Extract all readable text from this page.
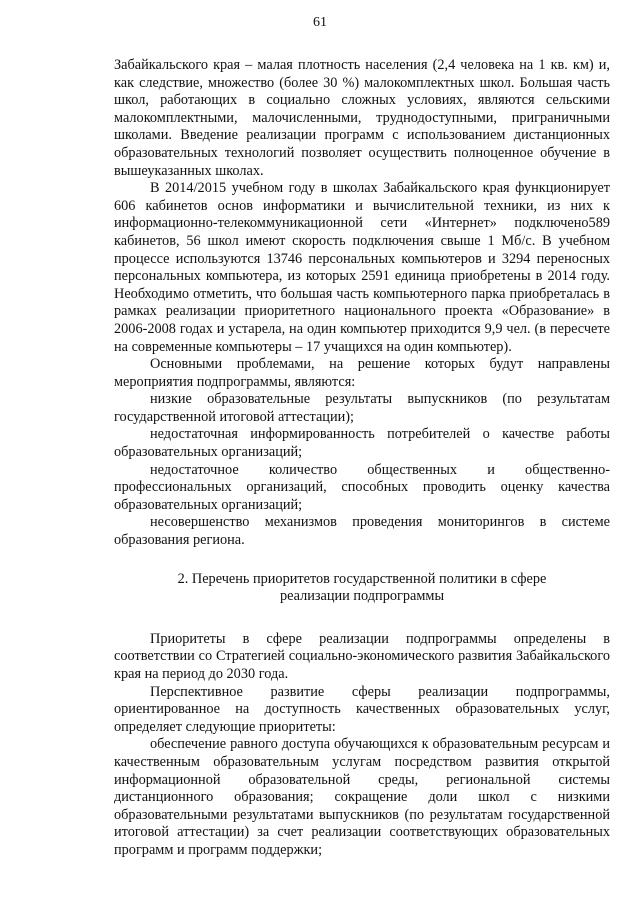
61

Забайкальского края – малая плотность населения (2,4 человека на 1 кв. км) и, как следствие, множество (более 30 %) малокомплектных школ. Большая часть школ, работающих в социально сложных условиях, являются сельскими малокомплектными, малочисленными, труднодоступными, приграничными школами. Введение реализации программ с использованием дистанционных образовательных технологий позволяет осуществить полноценное обучение в вышеуказанных школах.

В 2014/2015 учебном году в школах Забайкальского края функционирует 606 кабинетов основ информатики и вычислительной техники, из них к информационно-телекоммуникационной сети «Интернет» подключено589 кабинетов, 56 школ имеют скорость подключения свыше 1 Мб/с. В учебном процессе используются 13746 персональных компьютеров и 3294 переносных персональных компьютера, из которых 2591 единица приобретены в 2014 году. Необходимо отметить, что большая часть компьютерного парка приобреталась в рамках реализации приоритетного национального проекта «Образование» в 2006-2008 годах и устарела, на один компьютер приходится 9,9 чел. (в пересчете на современные компьютеры – 17 учащихся на один компьютер).

Основными проблемами, на решение которых будут направлены мероприятия подпрограммы, являются:

низкие образовательные результаты выпускников (по результатам государственной итоговой аттестации);

недостаточная информированность потребителей о качестве работы образовательных организаций;

недостаточное количество общественных и общественно-профессиональных организаций, способных проводить оценку качества образовательных организаций;

несовершенство механизмов проведения мониторингов в системе образования региона.

2. Перечень приоритетов государственной политики в сфере
реализации подпрограммы

Приоритеты в сфере реализации подпрограммы определены в соответствии со Стратегией социально-экономического развития Забайкальского края на период до 2030 года.

Перспективное развитие сферы реализации подпрограммы, ориентированное на доступность качественных образовательных услуг, определяет следующие приоритеты:

обеспечение равного доступа обучающихся к образовательным ресурсам и качественным образовательным услугам посредством развития открытой информационной образовательной среды, региональной системы дистанционного образования; сокращение доли школ с низкими образовательными результатами выпускников (по результатам государственной итоговой аттестации) за счет реализации соответствующих образовательных программ и программ поддержки;
